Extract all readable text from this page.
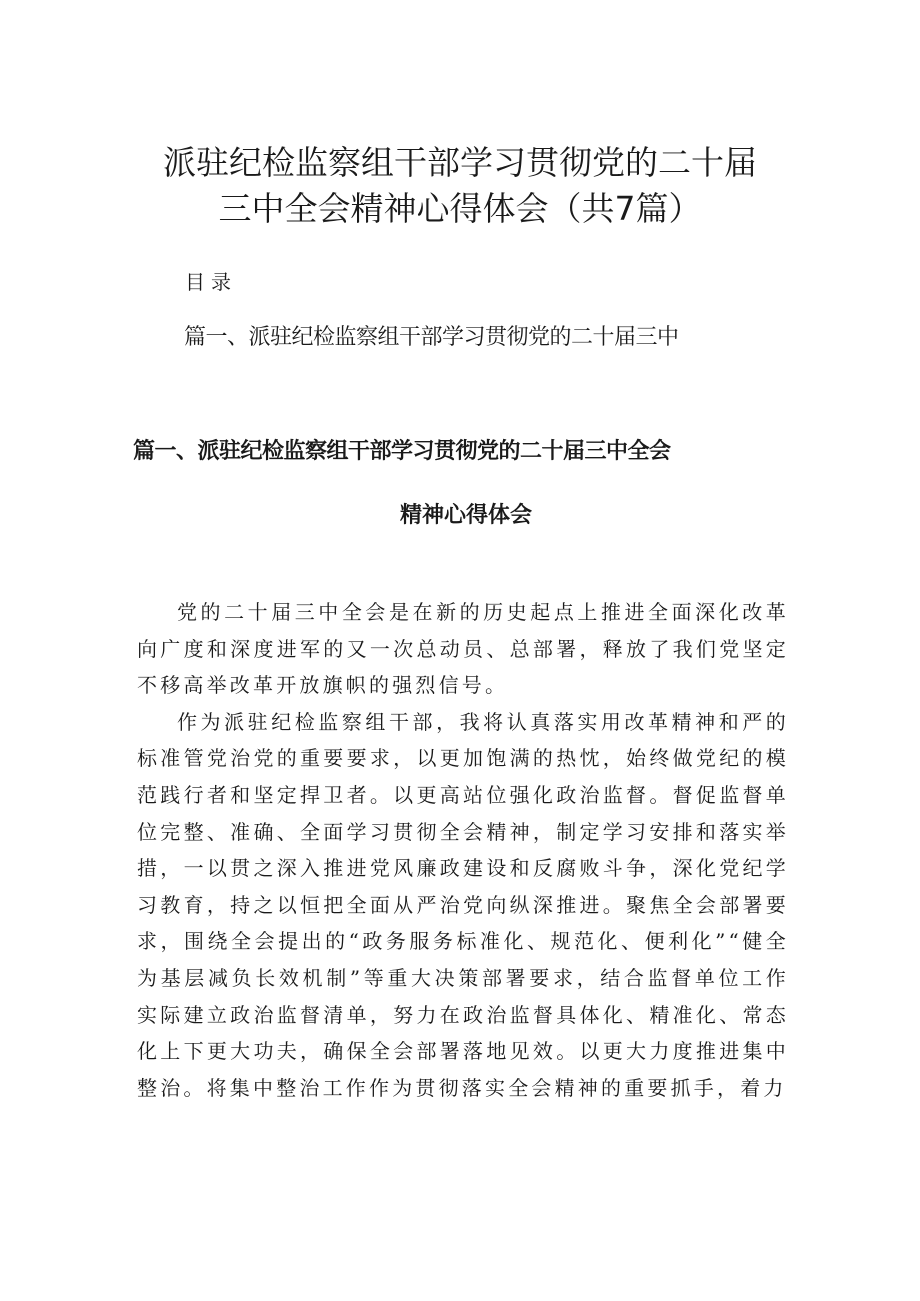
派驻纪检监察组干部学习贯彻党的二十届
三中全会精神心得体会（共7篇）

目录

篇一、派驻纪检监察组干部学习贯彻党的二十届三中

篇一、派驻纪检监察组干部学习贯彻党的二十届三中全会
精神心得体会

党的二十届三中全会是在新的历史起点上推进全面深化改革向广度和深度进军的又一次总动员、总部署，释放了我们党坚定不移高举改革开放旗帜的强烈信号。

作为派驻纪检监察组干部，我将认真落实用改革精神和严的标准管党治党的重要要求，以更加饱满的热忱，始终做党纪的模范践行者和坚定捍卫者。以更高站位强化政治监督。督促监督单位完整、准确、全面学习贯彻全会精神，制定学习安排和落实举措，一以贯之深入推进党风廉政建设和反腐败斗争，深化党纪学习教育，持之以恒把全面从严治党向纵深推进。聚焦全会部署要求，围绕全会提出的“政务服务标准化、规范化、便利化”“健全为基层减负长效机制”等重大决策部署要求，结合监督单位工作实际建立政治监督清单，努力在政治监督具体化、精准化、常态化上下更大功夫，确保全会部署落地见效。以更大力度推进集中整治。将集中整治工作作为贯彻落实全会精神的重要抓手，着力
